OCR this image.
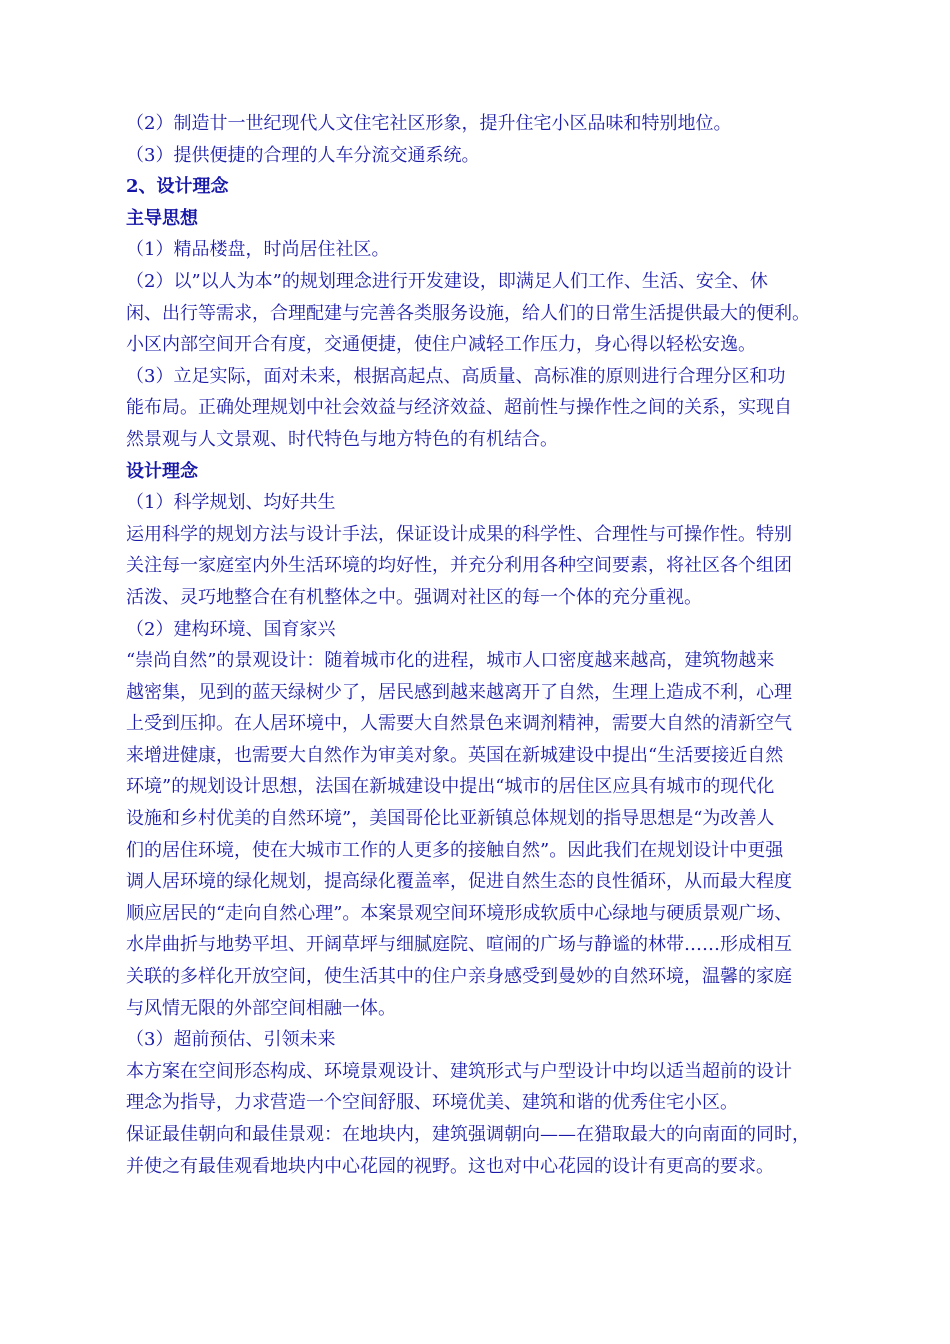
（2）制造廿一世纪现代人文住宅社区形象，提升住宅小区品味和特别地位。
（3）提供便捷的合理的人车分流交通系统。
2、设计理念
主导思想
（1）精品楼盘，时尚居住社区。
（2）以”以人为本”的规划理念进行开发建设，即满足人们工作、生活、安全、休
闲、出行等需求，合理配建与完善各类服务设施，给人们的日常生活提供最大的便利。
小区内部空间开合有度，交通便捷，使住户减轻工作压力，身心得以轻松安逸。
（3）立足实际，面对未来，根据高起点、高质量、高标准的原则进行合理分区和功
能布局。正确处理规划中社会效益与经济效益、超前性与操作性之间的关系，实现自
然景观与人文景观、时代特色与地方特色的有机结合。
设计理念
（1）科学规划、均好共生
运用科学的规划方法与设计手法，保证设计成果的科学性、合理性与可操作性。特别
关注每一家庭室内外生活环境的均好性，并充分利用各种空间要素，将社区各个组团
活泼、灵巧地整合在有机整体之中。强调对社区的每一个体的充分重视。
（2）建构环境、国育家兴
“崇尚自然”的景观设计：随着城市化的进程，城市人口密度越来越高，建筑物越来
越密集，见到的蓝天绿树少了，居民感到越来越离开了自然，生理上造成不利，心理
上受到压抑。在人居环境中，人需要大自然景色来调剂精神，需要大自然的清新空气
来增进健康，也需要大自然作为审美对象。英国在新城建设中提出“生活要接近自然
环境”的规划设计思想，法国在新城建设中提出“城市的居住区应具有城市的现代化
设施和乡村优美的自然环境”，美国哥伦比亚新镇总体规划的指导思想是“为改善人
们的居住环境，使在大城市工作的人更多的接触自然”。因此我们在规划设计中更强
调人居环境的绿化规划，提高绿化覆盖率，促进自然生态的良性循环，从而最大程度
顺应居民的“走向自然心理”。本案景观空间环境形成软质中心绿地与硬质景观广场、
水岸曲折与地势平坦、开阔草坪与细腻庭院、喧闹的广场与静谧的林带……形成相互
关联的多样化开放空间，使生活其中的住户亲身感受到曼妙的自然环境，温馨的家庭
与风情无限的外部空间相融一体。
（3）超前预估、引领未来
本方案在空间形态构成、环境景观设计、建筑形式与户型设计中均以适当超前的设计
理念为指导，力求营造一个空间舒服、环境优美、建筑和谐的优秀住宅小区。
保证最佳朝向和最佳景观：在地块内，建筑强调朝向——在猎取最大的向南面的同时，
并使之有最佳观看地块内中心花园的视野。这也对中心花园的设计有更高的要求。
